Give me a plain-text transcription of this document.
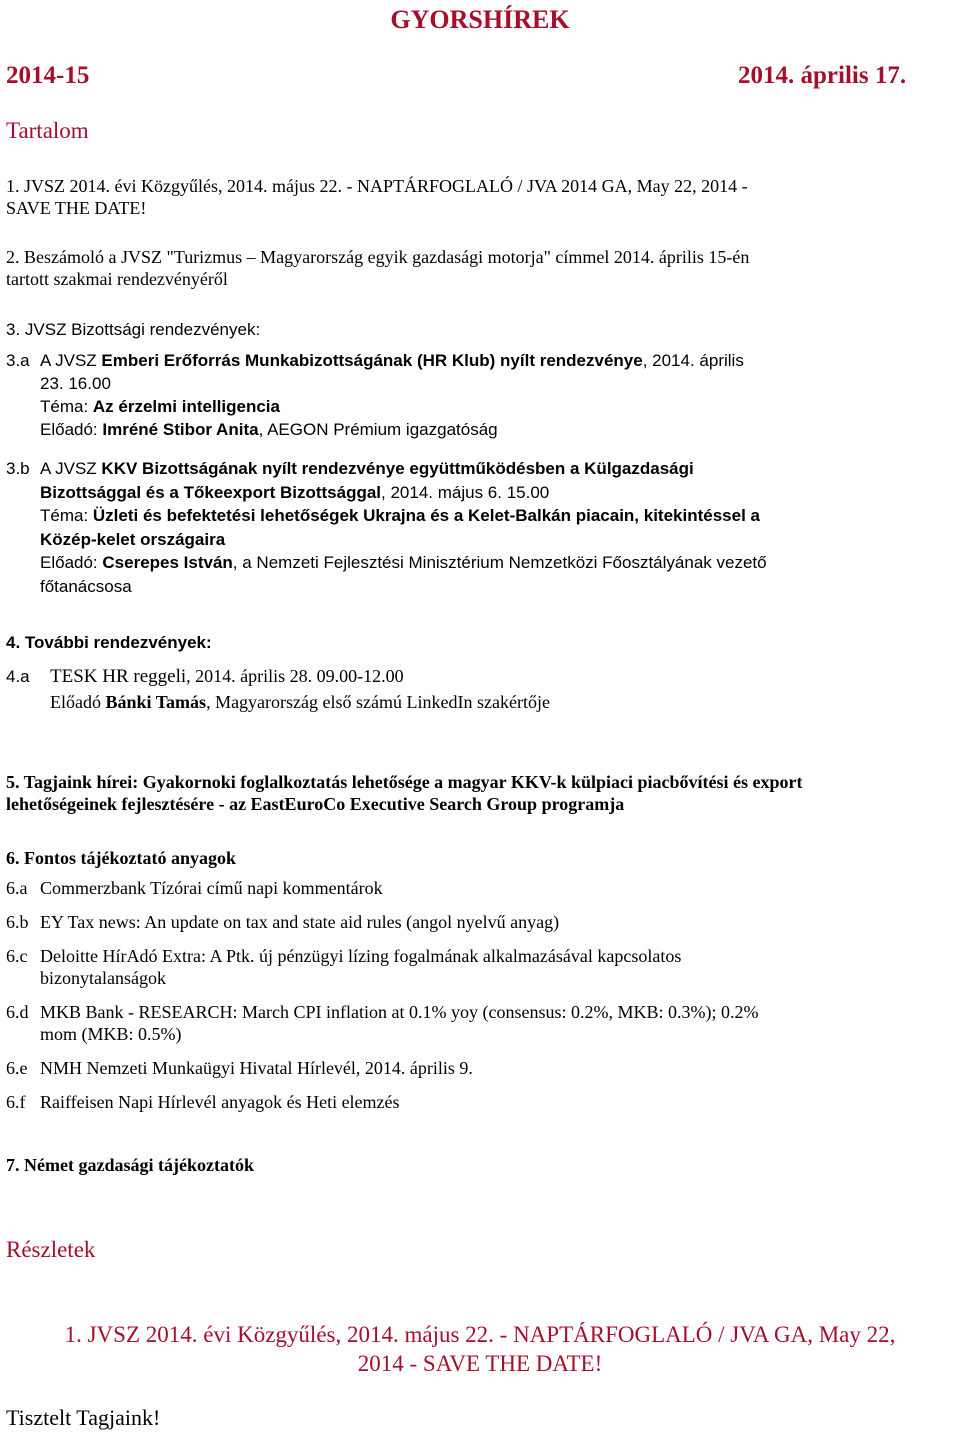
GYORSHÍREK
2014-15	2014. április 17.
Tartalom
1. JVSZ 2014. évi Közgyűlés, 2014. május 22. - NAPTÁRFOGLALÓ / JVA 2014 GA, May 22, 2014 -
SAVE THE DATE!
2. Beszámoló a JVSZ "Turizmus – Magyarország egyik gazdasági motorja" címmel 2014. április 15-én
tartott szakmai rendezvényéről
3. JVSZ Bizottsági rendezvények:
3.a A JVSZ Emberi Erőforrás Munkabizottságának (HR Klub) nyílt rendezvénye, 2014. április
23. 16.00
Téma: Az érzelmi intelligencia
Előadó: Imréné Stibor Anita, AEGON Prémium igazgatóság
3.b A JVSZ KKV Bizottságának nyílt rendezvénye együttműködésben a Külgazdasági
Bizottsággal és a Tőkeexport Bizottsággal, 2014. május 6. 15.00
Téma: Üzleti és befektetési lehetőségek Ukrajna és a Kelet-Balkán piacain, kitekintéssel a
Közép-kelet országaira
Előadó: Cserepes István, a Nemzeti Fejlesztési Minisztérium Nemzetközi Főosztályának vezető
főtanácsosa
4. További rendezvények:
4.a TESK HR reggeli, 2014. április 28. 09.00-12.00
Előadó Bánki Tamás, Magyarország első számú LinkedIn szakértője
5. Tagjaink hírei: Gyakornoki foglalkoztatás lehetősége a magyar KKV-k külpiaci piacbővítési és export
lehetőségeinek fejlesztésére - az EastEuroCo Executive Search Group programja
6. Fontos tájékoztató anyagok
6.a Commerzbank Tízórai című napi kommentárok
6.b EY Tax news: An update on tax and state aid rules (angol nyelvű anyag)
6.c Deloitte HírAdó Extra: A Ptk. új pénzügyi lízing fogalmának alkalmazásával kapcsolatos
bizonytalanságok
6.d MKB Bank - RESEARCH: March CPI inflation at 0.1% yoy (consensus: 0.2%, MKB: 0.3%); 0.2%
mom (MKB: 0.5%)
6.e NMH Nemzeti Munkaügyi Hivatal Hírlevél, 2014. április 9.
6.f Raiffeisen Napi Hírlevél anyagok és Heti elemzés
7. Német gazdasági tájékoztatók
Részletek
1. JVSZ 2014. évi Közgyűlés, 2014. május 22. - NAPTÁRFOGLALÓ / JVA GA, May 22,
2014 - SAVE THE DATE!
Tisztelt Tagjaink!
